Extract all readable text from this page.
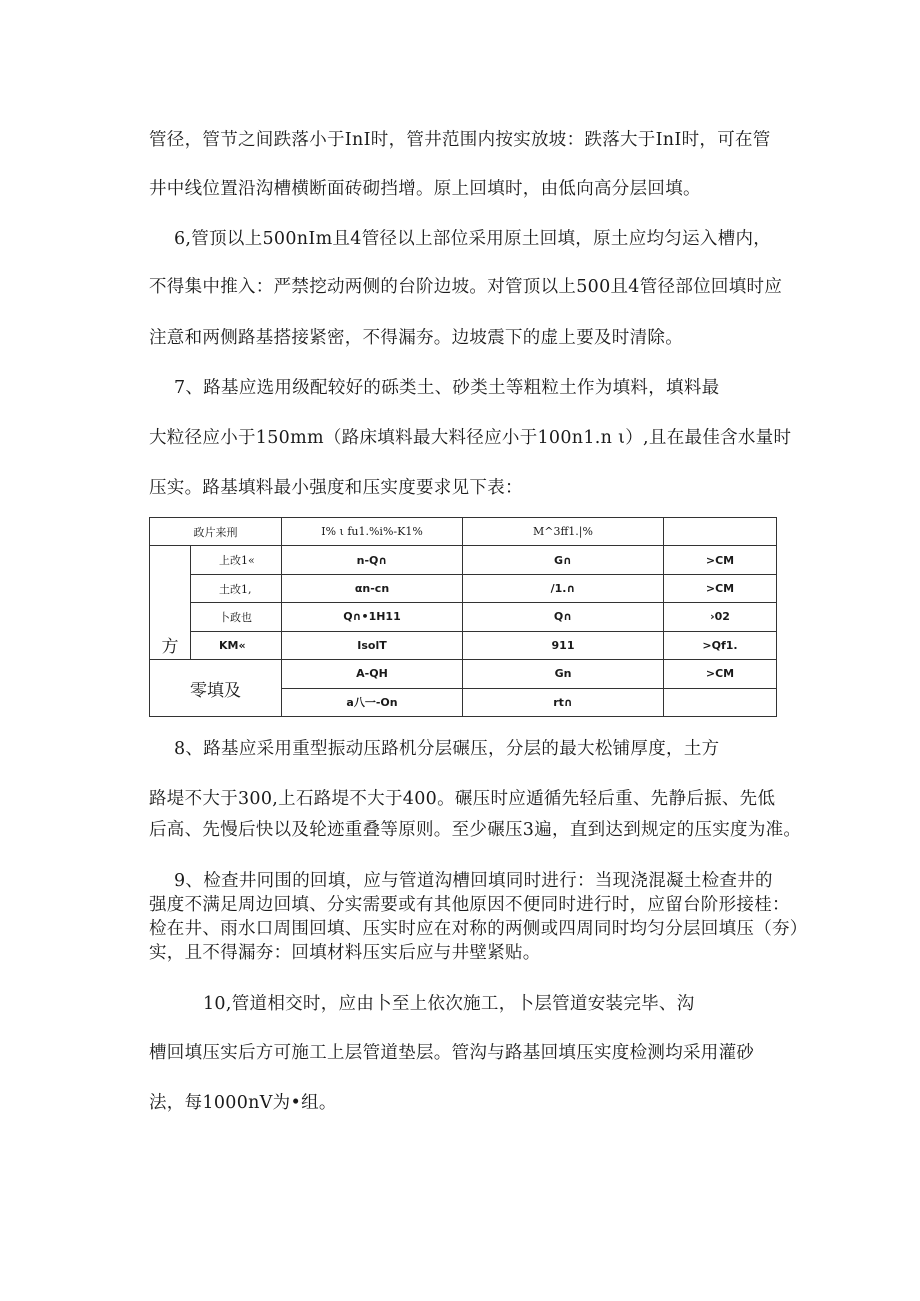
管径，管节之间跌落小于InI时，管井范围内按实放坡：跌落大于InI时，可在管
井中线位置沿沟槽横断面砖砌挡增。原上回填时，由低向高分层回填。
6,管顶以上500nIm且4管径以上部位采用原土回填，原土应均匀运入槽内，
不得集中推入：严禁挖动两侧的台阶边坡。对管顶以上500且4管径部位回填时应
注意和两侧路基搭接紧密，不得漏夯。边坡震下的虚上要及时清除。
7、路基应选用级配较好的砾类土、砂类土等粗粒土作为填料，填料最
大粒径应小于150mm（路床填料最大料径应小于100n1.n ι）,且在最佳含水量时
压实。路基填料最小强度和压实度要求见下表：
政片来刑		I% ι fu1.%i%-K1%	M^3ff1.|%	
方	上改1«	n-Q∩	G∩	>CM
	土改1,	αn-cn	/1.∩	>CM
	卜政也	Q∩•1H11	Q∩	›02
	KM«	IsolT	911	>Qf1.
零填及		A-QH	Gn	>CM
		a八一-On	rt∩	
8、路基应采用重型振动压路机分层碾压，分层的最大松铺厚度，土方
路堤不大于300,上石路堤不大于400。碾压时应遁循先轻后重、先静后振、先低
后高、先慢后快以及轮迹重叠等原则。至少碾压3遍，直到达到规定的压实度为准。
9、检查井冋围的回填，应与管道沟槽回填同时进行：当现浇混凝土检查井的
强度不满足周边回填、分实需要或有其他原因不便同时进行时，应留台阶形接桂：
检在井、雨水口周围回填、压实时应在对称的两侧或四周同时均匀分层回填压（夯）
实，且不得漏夯：回填材料压实后应与井壁紧贴。
10,管道相交时，应由卜至上依次施工，卜层管道安装完毕、沟
槽回填压实后方可施工上层管道垫层。管沟与路基回填压实度检测均采用灌砂
法，每1000nV为•组。
